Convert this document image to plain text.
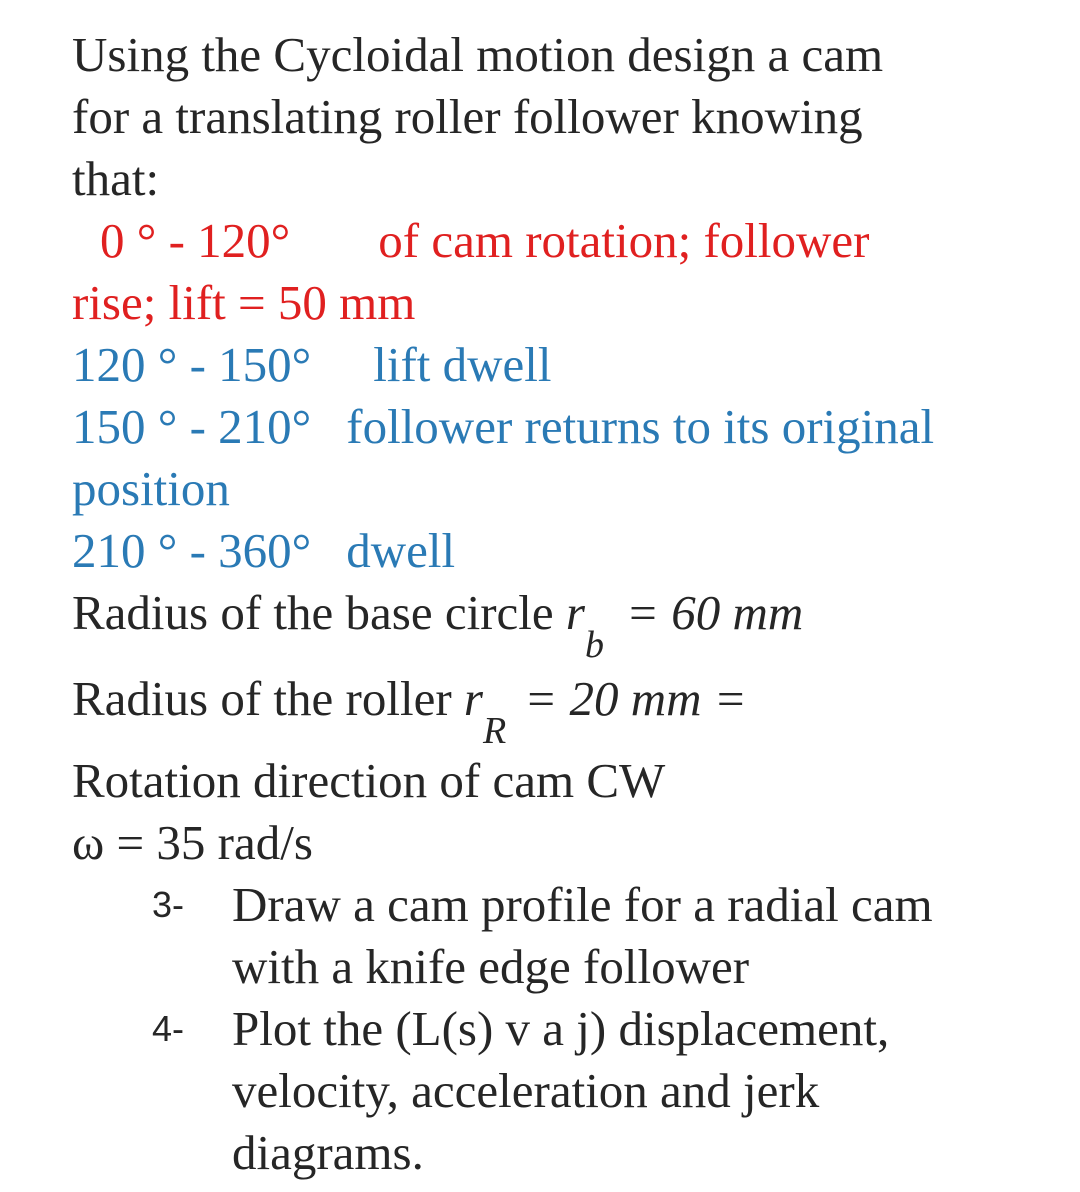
Using the Cycloidal motion design a cam
for a translating roller follower knowing
that:
0 ° - 120° of cam rotation; follower
rise; lift = 50 mm
120 ° - 150° lift dwell
150 ° - 210° follower returns to its original
position
210 ° - 360° dwell
Radius of the base circle $r_b= 60$ mm
Radius of the roller $r_R= 20$ mm =
Rotation direction of cam CW
ω = 35 rad/s
3- Draw a cam profile for a radial cam
with a knife edge follower
4- Plot the (L(s) v a j) displacement,
velocity, acceleration and jerk
diagrams.
